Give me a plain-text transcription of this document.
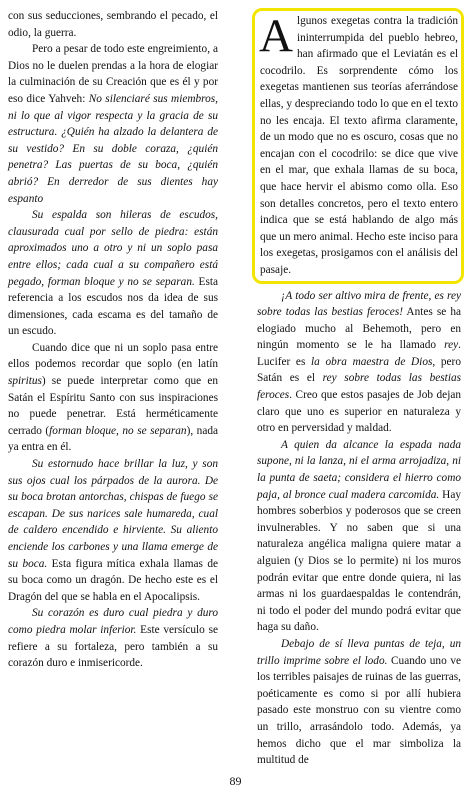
con sus seducciones, sembrando el pecado, el odio, la guerra.

Pero a pesar de todo este engreimiento, a Dios no le duelen prendas a la hora de elogiar la culminación de su Creación que es él y por eso dice Yahveh: No silenciaré sus miembros, ni lo que al vigor respecta y la gracia de su estructura. ¿Quién ha alzado la delantera de su vestido? En su doble coraza, ¿quién penetra? Las puertas de su boca, ¿quién abrió? En derredor de sus dientes hay espanto

Su espalda son hileras de escudos, clausurada cual por sello de piedra: están aproximados uno a otro y ni un soplo pasa entre ellos; cada cual a su compañero está pegado, forman bloque y no se separan. Esta referencia a los escudos nos da idea de sus dimensiones, cada escama es del tamaño de un escudo.

Cuando dice que ni un soplo pasa entre ellos podemos recordar que soplo (en latín spiritus) se puede interpretar como que en Satán el Espíritu Santo con sus inspiraciones no puede penetrar. Está herméticamente cerrado (forman bloque, no se separan), nada ya entra en él.

Su estornudo hace brillar la luz, y son sus ojos cual los párpados de la aurora. De su boca brotan antorchas, chispas de fuego se escapan. De sus narices sale humareda, cual de caldero encendido e hirviente. Su aliento enciende los carbones y una llama emerge de su boca. Esta figura mítica exhala llamas de su boca como un dragón. De hecho este es el Dragón del que se habla en el Apocalipsis.

Su corazón es duro cual piedra y duro como piedra molar inferior. Este versículo se refiere a su fortaleza, pero también a su corazón duro e inmisericorde.

Algunos exegetas contra la tradición ininterrumpida del pueblo hebreo, han afirmado que el Leviatán es el cocodrilo. Es sorprendente cómo los exegetas mantienen sus teorías aferrándose ellas, y despreciando todo lo que en el texto no les encaja. El texto afirma claramente, de un modo que no es oscuro, cosas que no encajan con el cocodrilo: se dice que vive en el mar, que exhala llamas de su boca, que hace hervir el abismo como olla. Eso son detalles concretos, pero el texto entero indica que se está hablando de algo más que un mero animal. Hecho este inciso para los exegetas, prosigamos con el análisis del pasaje.

¡A todo ser altivo mira de frente, es rey sobre todas las bestias feroces! Antes se ha elogiado mucho al Behemoth, pero en ningún momento se le ha llamado rey. Lucifer es la obra maestra de Dios, pero Satán es el rey sobre todas las bestias feroces. Creo que estos pasajes de Job dejan claro que uno es superior en naturaleza y otro en perversidad y maldad.

A quien da alcance la espada nada supone, ni la lanza, ni el arma arrojadiza, ni la punta de saeta; considera el hierro como paja, al bronce cual madera carcomida. Hay hombres soberbios y poderosos que se creen invulnerables. Y no saben que si una naturaleza angélica maligna quiere matar a alguien (y Dios se lo permite) ni los muros podrán evitar que entre donde quiera, ni las armas ni los guardaespaldas le contendrán, ni todo el poder del mundo podrá evitar que haga su daño.

Debajo de sí lleva puntas de teja, un trillo imprime sobre el lodo. Cuando uno ve los terribles paisajes de ruinas de las guerras, poéticamente es como si por allí hubiera pasado este monstruo con su vientre como un trillo, arrasándolo todo. Además, ya hemos dicho que el mar simboliza la multitud de

89
